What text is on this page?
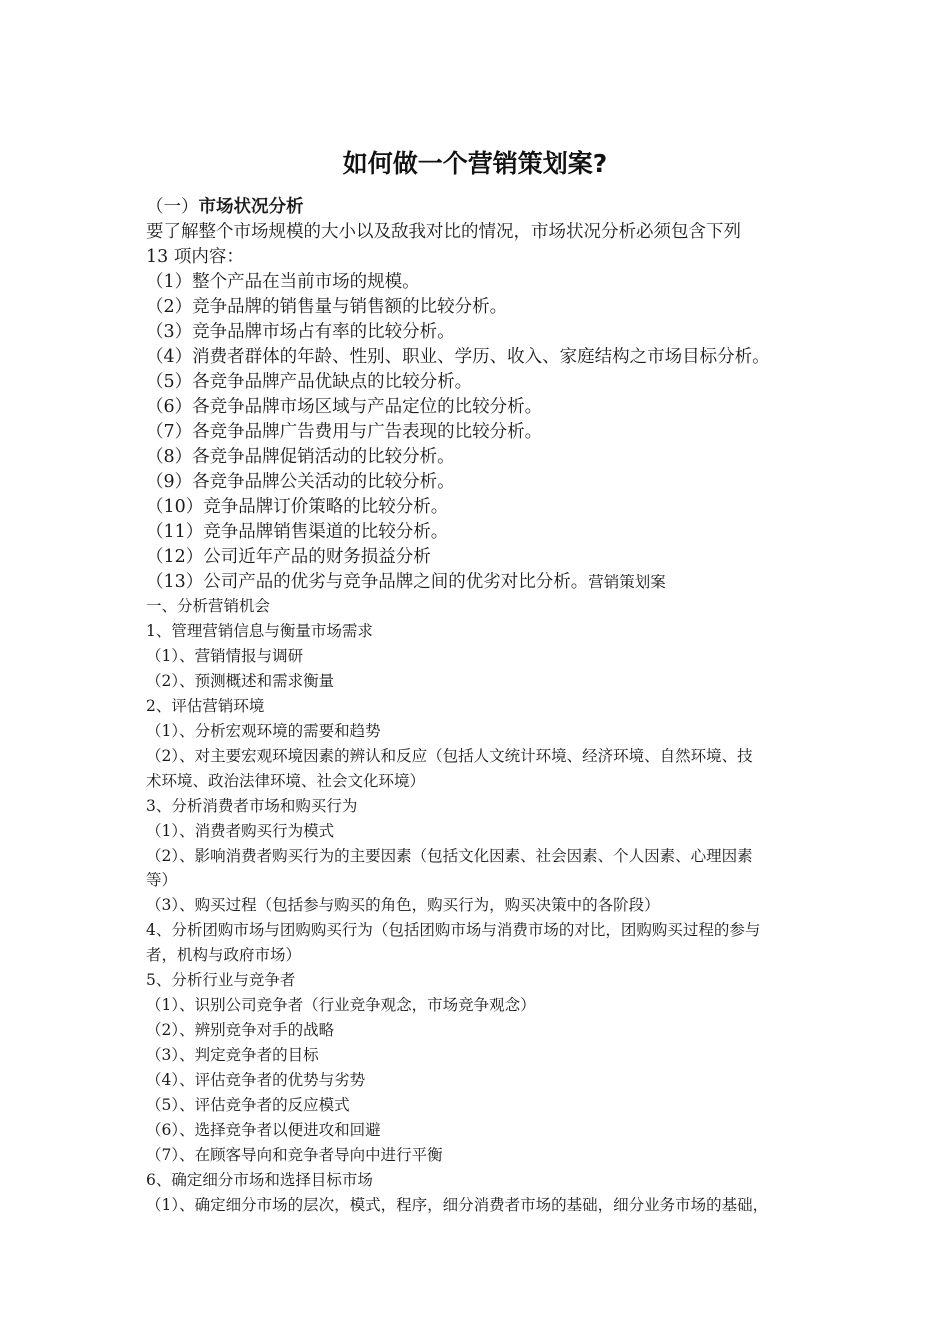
如何做一个营销策划案?
（一）市场状况分析
要了解整个市场规模的大小以及敌我对比的情况，市场状况分析必须包含下列
13 项内容：
（1）整个产品在当前市场的规模。
（2）竞争品牌的销售量与销售额的比较分析。
（3）竞争品牌市场占有率的比较分析。
（4）消费者群体的年龄、性别、职业、学历、收入、家庭结构之市场目标分析。
（5）各竞争品牌产品优缺点的比较分析。
（6）各竞争品牌市场区域与产品定位的比较分析。
（7）各竞争品牌广告费用与广告表现的比较分析。
（8）各竞争品牌促销活动的比较分析。
（9）各竞争品牌公关活动的比较分析。
（10）竞争品牌订价策略的比较分析。
（11）竞争品牌销售渠道的比较分析。
（12）公司近年产品的财务损益分析
（13）公司产品的优劣与竞争品牌之间的优劣对比分析。营销策划案
一、分析营销机会
1、管理营销信息与衡量市场需求
（1）、营销情报与调研
（2）、预测概述和需求衡量
2、评估营销环境
（1）、分析宏观环境的需要和趋势
（2）、对主要宏观环境因素的辨认和反应（包括人文统计环境、经济环境、自然环境、技
术环境、政治法律环境、社会文化环境）
3、分析消费者市场和购买行为
（1）、消费者购买行为模式
（2）、影响消费者购买行为的主要因素（包括文化因素、社会因素、个人因素、心理因素
等）
（3）、购买过程（包括参与购买的角色，购买行为，购买决策中的各阶段）
4、分析团购市场与团购购买行为（包括团购市场与消费市场的对比，团购购买过程的参与
者，机构与政府市场）
5、分析行业与竞争者
（1）、识别公司竞争者（行业竞争观念，市场竞争观念）
（2）、辨别竞争对手的战略
（3）、判定竞争者的目标
（4）、评估竞争者的优势与劣势
（5）、评估竞争者的反应模式
（6）、选择竞争者以便进攻和回避
（7）、在顾客导向和竞争者导向中进行平衡
6、确定细分市场和选择目标市场
（1）、确定细分市场的层次，模式，程序，细分消费者市场的基础，细分业务市场的基础，
